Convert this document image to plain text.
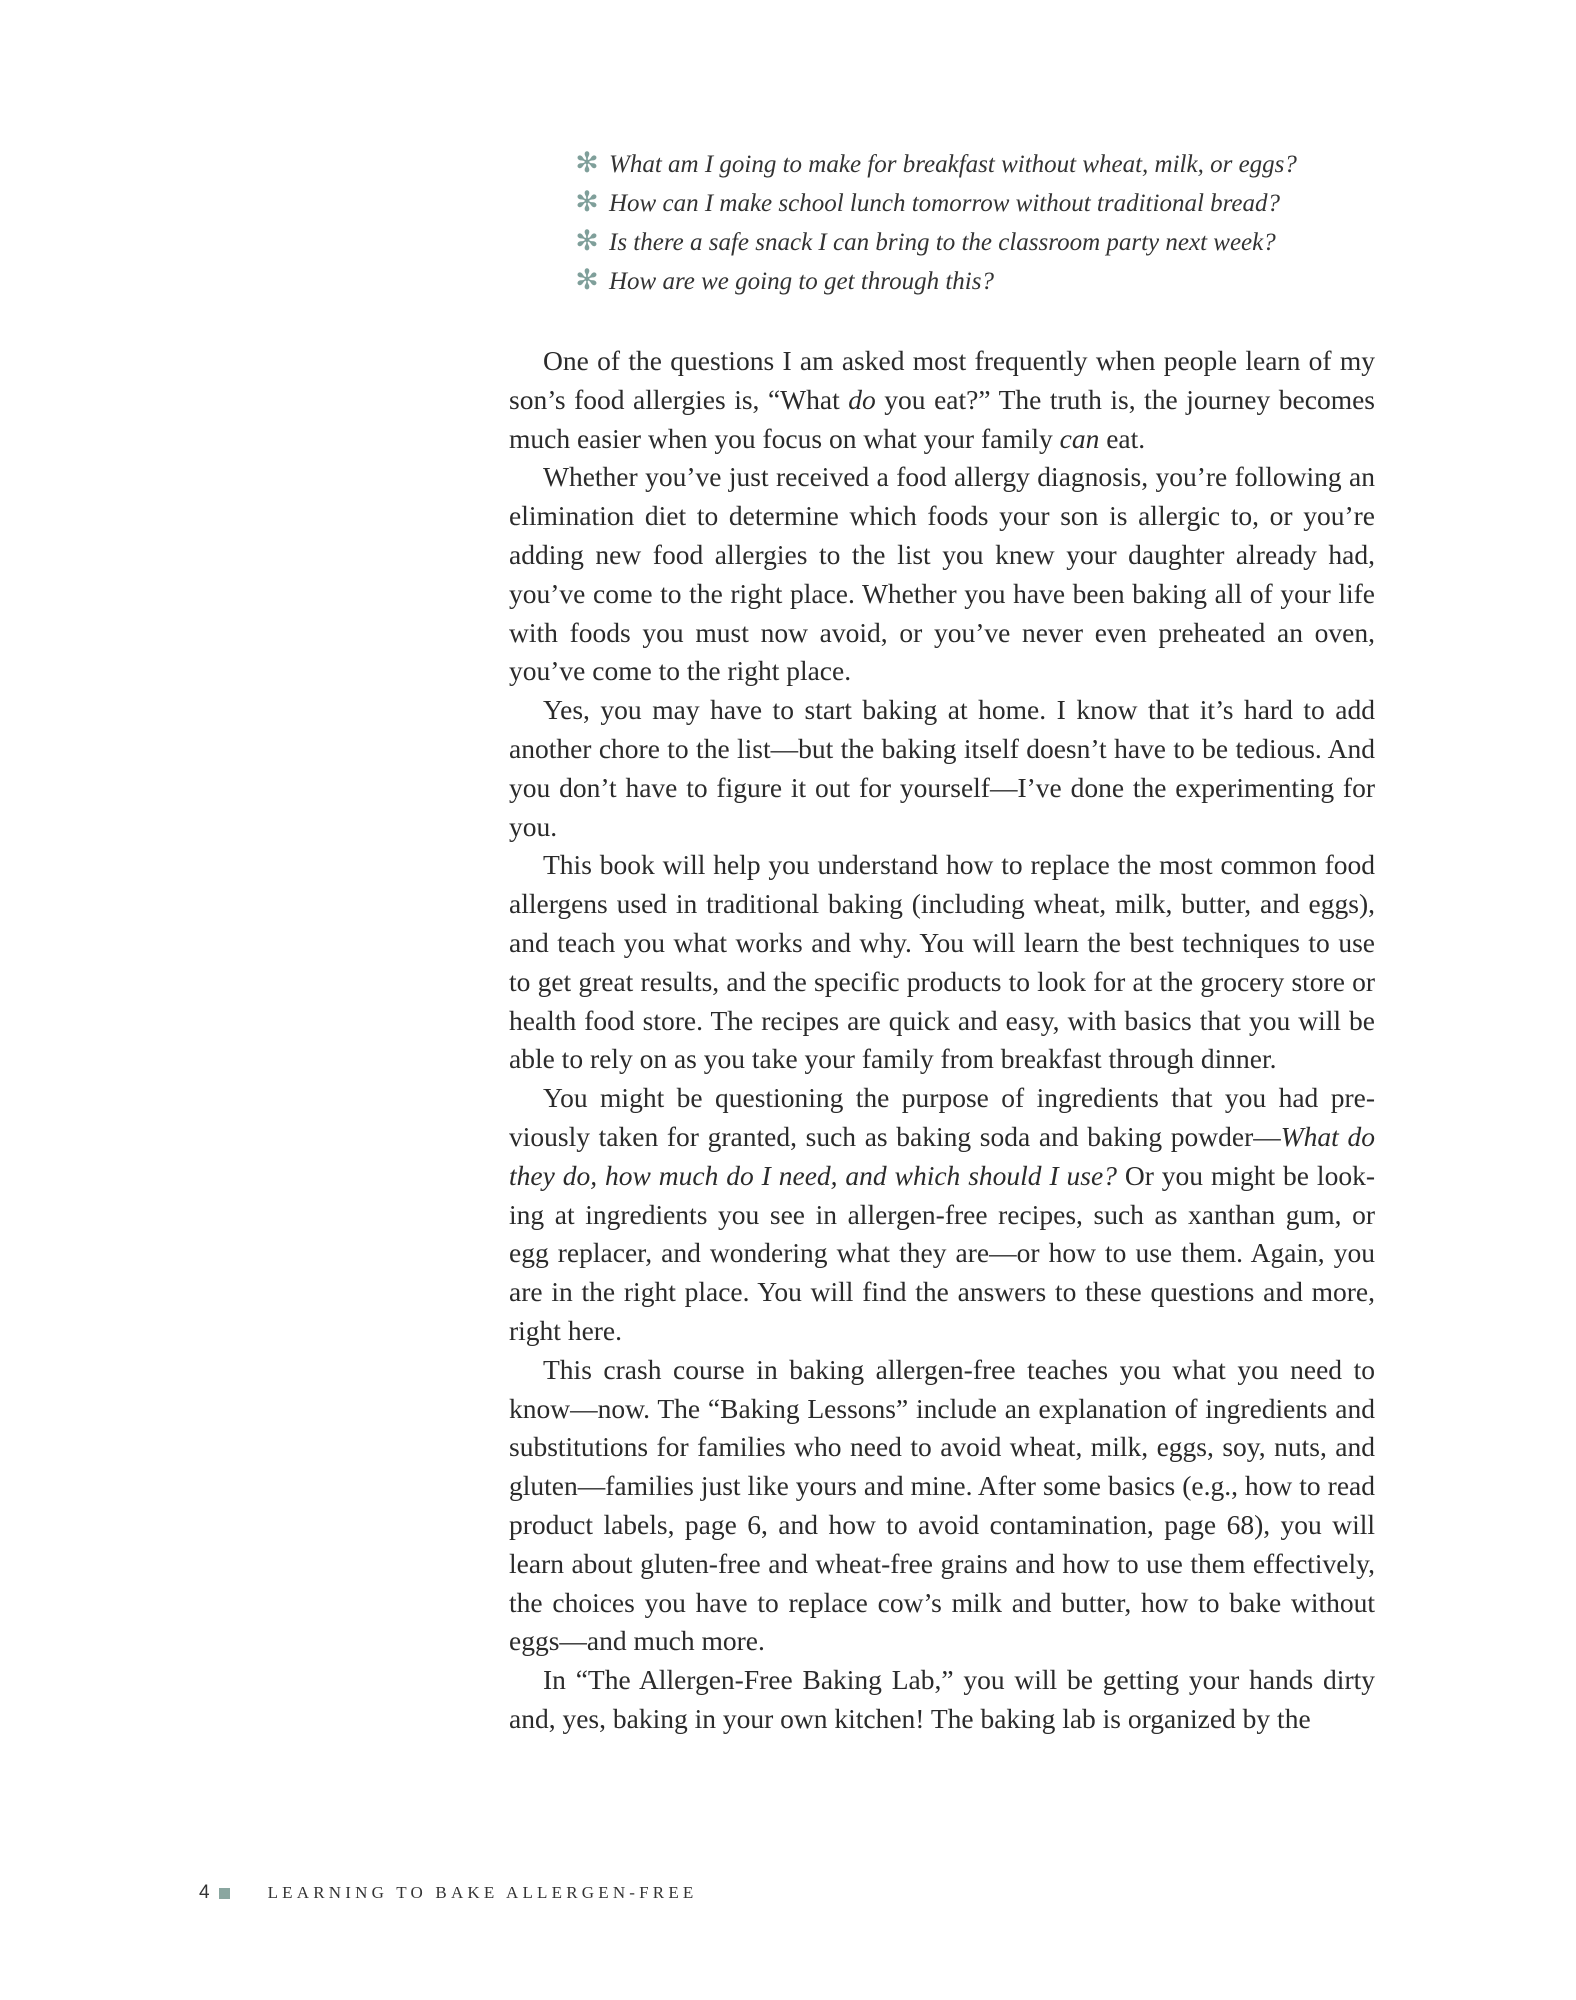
✻ What am I going to make for breakfast without wheat, milk, or eggs?
✻ How can I make school lunch tomorrow without traditional bread?
✻ Is there a safe snack I can bring to the classroom party next week?
✻ How are we going to get through this?

One of the questions I am asked most frequently when people learn of my son’s food allergies is, “What do you eat?” The truth is, the journey becomes much easier when you focus on what your family can eat.

Whether you’ve just received a food allergy diagnosis, you’re following an elimination diet to determine which foods your son is allergic to, or you’re adding new food allergies to the list you knew your daughter already had, you’ve come to the right place. Whether you have been baking all of your life with foods you must now avoid, or you’ve never even preheated an oven, you’ve come to the right place.

Yes, you may have to start baking at home. I know that it’s hard to add another chore to the list—but the baking itself doesn’t have to be tedious. And you don’t have to figure it out for yourself—I’ve done the experimenting for you.

This book will help you understand how to replace the most common food allergens used in traditional baking (including wheat, milk, butter, and eggs), and teach you what works and why. You will learn the best techniques to use to get great results, and the specific products to look for at the grocery store or health food store. The recipes are quick and easy, with basics that you will be able to rely on as you take your family from breakfast through dinner.

You might be questioning the purpose of ingredients that you had previously taken for granted, such as baking soda and baking powder—What do they do, how much do I need, and which should I use? Or you might be looking at ingredients you see in allergen-free recipes, such as xanthan gum, or egg replacer, and wondering what they are—or how to use them. Again, you are in the right place. You will find the answers to these questions and more, right here.

This crash course in baking allergen-free teaches you what you need to know—now. The “Baking Lessons” include an explanation of ingredients and substitutions for families who need to avoid wheat, milk, eggs, soy, nuts, and gluten—families just like yours and mine. After some basics (e.g., how to read product labels, page 6, and how to avoid contamination, page 68), you will learn about gluten-free and wheat-free grains and how to use them effectively, the choices you have to replace cow’s milk and butter, how to bake without eggs—and much more.

In “The Allergen-Free Baking Lab,” you will be getting your hands dirty and, yes, baking in your own kitchen! The baking lab is organized by the

4	LEARNING TO BAKE ALLERGEN-FREE
